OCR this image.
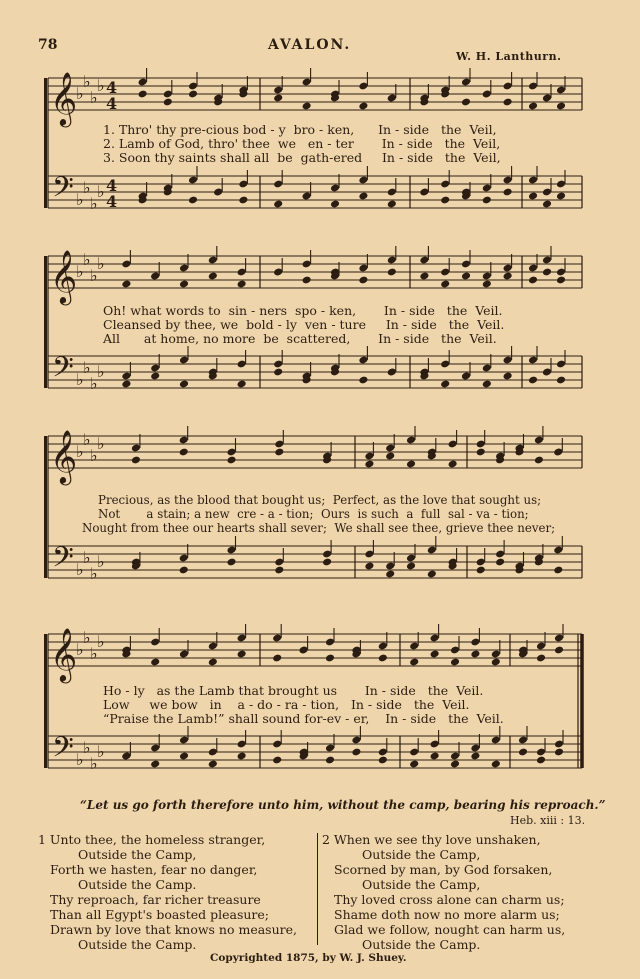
78	AVALON.
W. H. Lanthurn.
𝄞
𝄢
♭
♭
♭
♭
♭
♭
♭
♭
4
4
4
4
𝄞
𝄢
♭
♭
♭
♭
♭
♭
♭
♭
𝄞
𝄢
♭
♭
♭
♭
♭
♭
♭
♭
𝄞
𝄢
♭
♭
♭
♭
♭
♭
♭
♭
1. Thro' thy pre-cious bod - y  bro - ken,      In - side   the  Veil,
2. Lamb of God, thro' thee  we   en - ter       In - side   the  Veil,
3. Soon thy saints shall all  be  gath-ered     In - side   the  Veil,
Oh! what words to  sin - ners  spo - ken,       In - side   the  Veil.
Cleansed by thee, we  bold - ly  ven - ture     In - side   the  Veil.
All      at home, no more  be  scattered,       In - side   the  Veil.
Precious, as the blood that bought us;  Perfect, as the love that sought us;
Not       a stain; a new  cre - a - tion;  Ours  is such  a  full  sal - va - tion;
Nought from thee our hearts shall sever;  We shall see thee, grieve thee never;
Ho - ly   as the Lamb that brought us       In - side   the  Veil.
Low     we bow   in    a - do - ra - tion,   In - side   the  Veil.
“Praise the Lamb!” shall sound for-ev - er,    In - side   the  Veil.
“Let us go forth therefore unto him, without the camp, bearing his reproach.”
Heb. xiii : 13.
1 Unto thee, the homeless stranger,
Outside the Camp,
Forth we hasten, fear no danger,
Outside the Camp.
Thy reproach, far richer treasure
Than all Egypt's boasted pleasure;
Drawn by love that knows no measure,
Outside the Camp.
2 When we see thy love unshaken,
Outside the Camp,
Scorned by man, by God forsaken,
Outside the Camp,
Thy loved cross alone can charm us;
Shame doth now no more alarm us;
Glad we follow, nought can harm us,
Outside the Camp.
Copyrighted 1875, by W. J. Shuey.
